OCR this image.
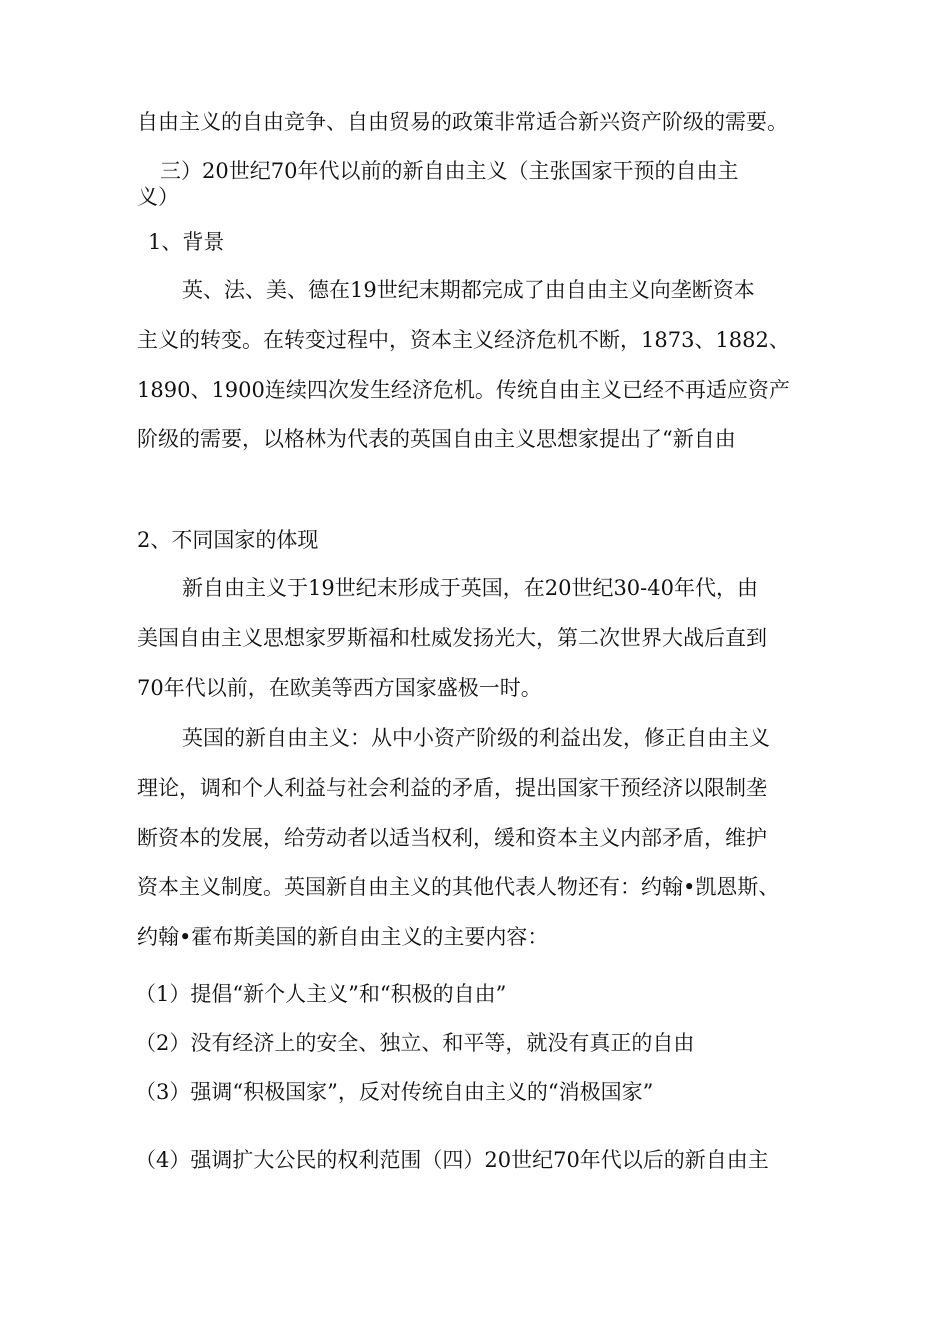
自由主义的自由竞争、自由贸易的政策非常适合新兴资产阶级的需要。
三）20世纪70年代以前的新自由主义（主张国家干预的自由主
义）
1、背景
英、法、美、德在19世纪末期都完成了由自由主义向垄断资本
主义的转变。在转变过程中，资本主义经济危机不断，1873、1882、
1890、1900连续四次发生经济危机。传统自由主义已经不再适应资产
阶级的需要，以格林为代表的英国自由主义思想家提出了“新自由
2、不同国家的体现
新自由主义于19世纪末形成于英国，在20世纪30-40年代，由
美国自由主义思想家罗斯福和杜威发扬光大，第二次世界大战后直到
70年代以前，在欧美等西方国家盛极一时。
英国的新自由主义：从中小资产阶级的利益出发，修正自由主义
理论，调和个人利益与社会利益的矛盾，提出国家干预经济以限制垄
断资本的发展，给劳动者以适当权利，缓和资本主义内部矛盾，维护
资本主义制度。英国新自由主义的其他代表人物还有：约翰•凯恩斯、
约翰•霍布斯美国的新自由主义的主要内容：
（1）提倡“新个人主义”和“积极的自由”
（2）没有经济上的安全、独立、和平等，就没有真正的自由
（3）强调“积极国家”，反对传统自由主义的“消极国家”
（4）强调扩大公民的权利范围（四）20世纪70年代以后的新自由主
